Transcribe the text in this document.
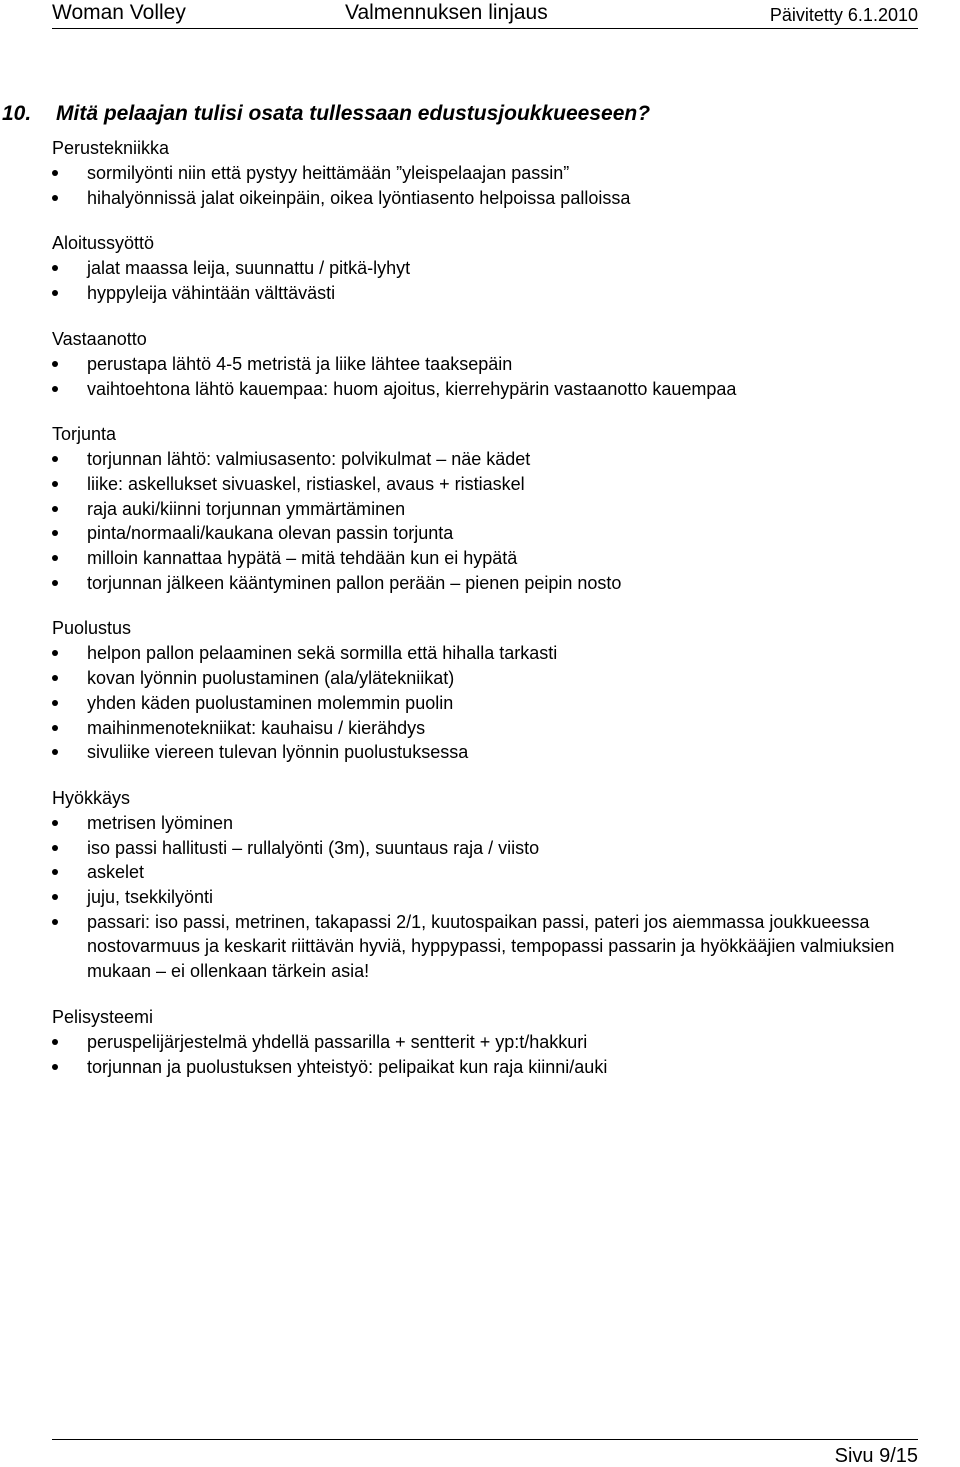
Woman Volley	Valmennuksen linjaus	Päivitetty 6.1.2010
10. Mitä pelaajan tulisi osata tullessaan edustusjoukkueeseen?
Perustekniikka
sormilyönti niin että pystyy heittämään ”yleispelaajan passin”
hihalyönnissä jalat oikeinpäin, oikea lyöntiasento helpoissa palloissa
Aloitussyöttö
jalat maassa leija, suunnattu / pitkä-lyhyt
hyppyleija vähintään välttävästi
Vastaanotto
perustapa lähtö 4-5 metristä ja liike lähtee taaksepäin
vaihtoehtona lähtö kauempaa: huom ajoitus, kierrehypärin vastaanotto kauempaa
Torjunta
torjunnan lähtö: valmiusasento: polvikulmat – näe kädet
liike: askellukset sivuaskel, ristiaskel, avaus + ristiaskel
raja auki/kiinni torjunnan ymmärtäminen
pinta/normaali/kaukana olevan passin torjunta
milloin kannattaa hypätä – mitä tehdään kun ei hypätä
torjunnan jälkeen kääntyminen pallon perään – pienen peipin nosto
Puolustus
helpon pallon pelaaminen sekä sormilla että hihalla tarkasti
kovan lyönnin puolustaminen (ala/ylätekniikat)
yhden käden puolustaminen molemmin puolin
maihinmenotekniikat: kauhaisu / kierähdys
sivuliike viereen tulevan lyönnin puolustuksessa
Hyökkäys
metrisen lyöminen
iso passi hallitusti – rullalyönti (3m), suuntaus raja / viisto
askelet
juju, tsekkilyönti
passari: iso passi, metrinen, takapassi 2/1, kuutospaikan passi, pateri jos aiemmassa joukkueessa nostovarmuus ja keskarit riittävän hyviä, hyppypassi, tempopassi passarin ja hyökkääjien valmiuksien mukaan – ei ollenkaan tärkein asia!
Pelisysteemi
peruspelijärjestelmä yhdellä passarilla + sentterit + yp:t/hakkuri
torjunnan ja puolustuksen yhteistyö: pelipaikat kun raja kiinni/auki
Sivu 9/15
